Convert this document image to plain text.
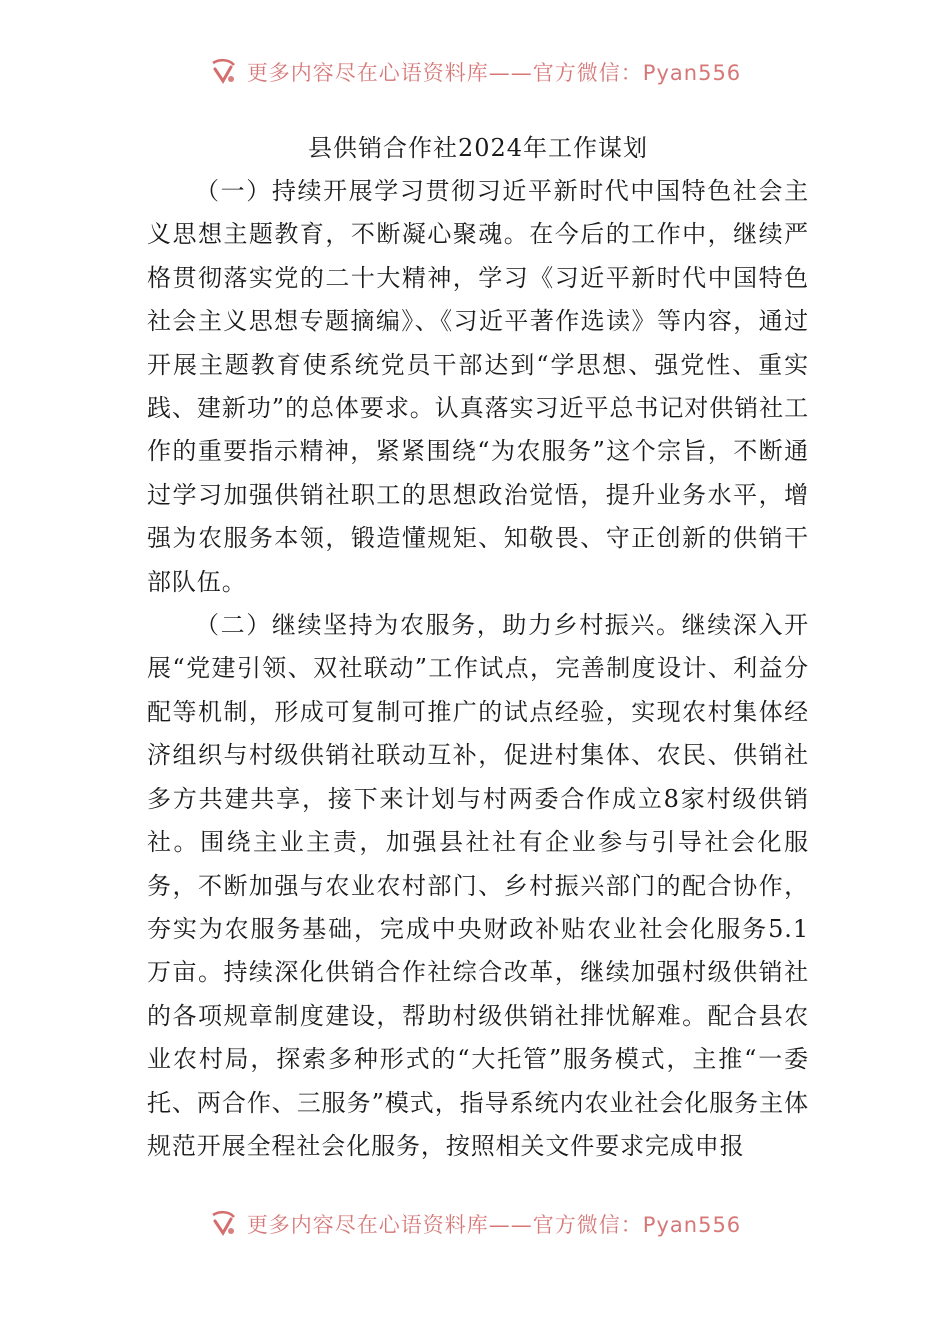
更多内容尽在心语资料库——官方微信：Pyan556
县供销合作社2024年工作谋划

（一）持续开展学习贯彻习近平新时代中国特色社会主义思想主题教育，不断凝心聚魂。在今后的工作中，继续严格贯彻落实党的二十大精神，学习《习近平新时代中国特色社会主义思想专题摘编》、《习近平著作选读》等内容，通过开展主题教育使系统党员干部达到“学思想、强党性、重实践、建新功”的总体要求。认真落实习近平总书记对供销社工作的重要指示精神，紧紧围绕“为农服务”这个宗旨，不断通过学习加强供销社职工的思想政治觉悟，提升业务水平，增强为农服务本领，锻造懂规矩、知敬畏、守正创新的供销干部队伍。

（二）继续坚持为农服务，助力乡村振兴。继续深入开展“党建引领、双社联动”工作试点，完善制度设计、利益分配等机制，形成可复制可推广的试点经验，实现农村集体经济组织与村级供销社联动互补，促进村集体、农民、供销社多方共建共享，接下来计划与村两委合作成立8家村级供销社。围绕主业主责，加强县社社有企业参与引导社会化服务，不断加强与农业农村部门、乡村振兴部门的配合协作，夯实为农服务基础，完成中央财政补贴农业社会化服务5.1万亩。持续深化供销合作社综合改革，继续加强村级供销社的各项规章制度建设，帮助村级供销社排忧解难。配合县农业农村局，探索多种形式的“大托管”服务模式，主推“一委托、两合作、三服务”模式，指导系统内农业社会化服务主体规范开展全程社会化服务，按照相关文件要求完成申报

更多内容尽在心语资料库——官方微信：Pyan556
